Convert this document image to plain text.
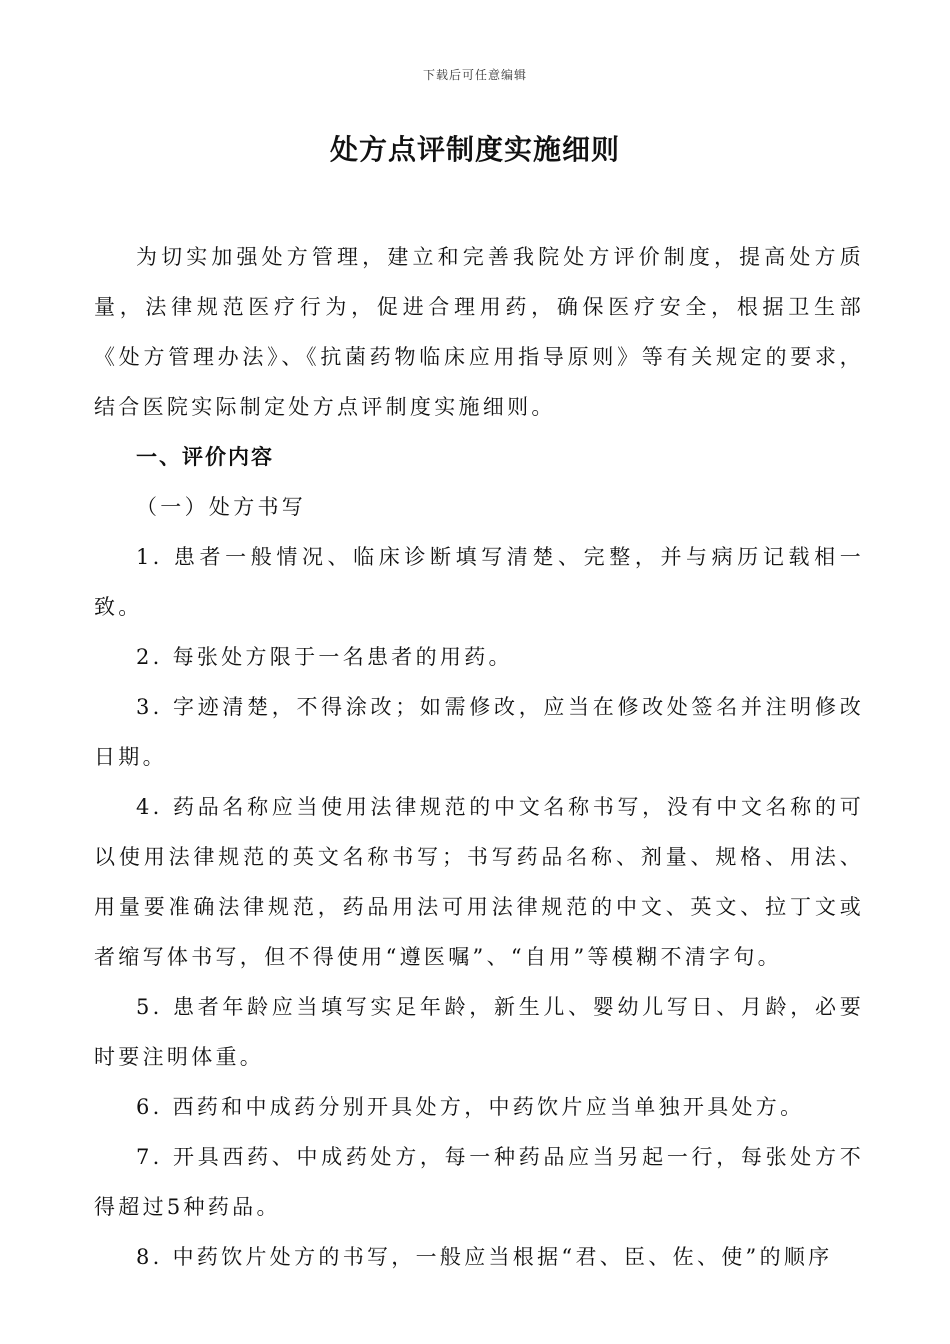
下载后可任意编辑
处方点评制度实施细则

为切实加强处方管理，建立和完善我院处方评价制度，提高处方质量，法律规范医疗行为，促进合理用药，确保医疗安全，根据卫生部《处方管理办法》、《抗菌药物临床应用指导原则》等有关规定的要求，结合医院实际制定处方点评制度实施细则。

一、评价内容

（一）处方书写

1. 患者一般情况、临床诊断填写清楚、完整，并与病历记载相一致。

2. 每张处方限于一名患者的用药。

3. 字迹清楚，不得涂改；如需修改，应当在修改处签名并注明修改日期。

4. 药品名称应当使用法律规范的中文名称书写，没有中文名称的可以使用法律规范的英文名称书写；书写药品名称、剂量、规格、用法、用量要准确法律规范，药品用法可用法律规范的中文、英文、拉丁文或者缩写体书写，但不得使用“遵医嘱”、“自用”等模糊不清字句。

5. 患者年龄应当填写实足年龄，新生儿、婴幼儿写日、月龄，必要时要注明体重。

6. 西药和中成药分别开具处方，中药饮片应当单独开具处方。

7. 开具西药、中成药处方，每一种药品应当另起一行，每张处方不得超过5种药品。

8. 中药饮片处方的书写，一般应当根据“君、臣、佐、使”的顺序
